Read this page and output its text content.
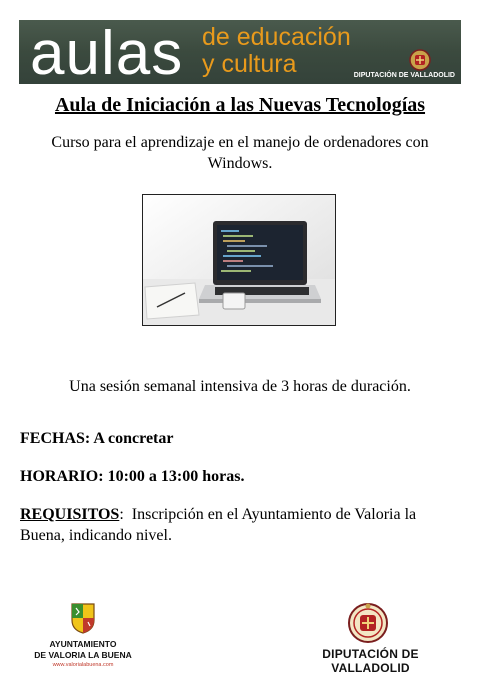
aulas de educación
y cultura	DIPUTACIÓN DE VALLADOLID
Aula de Iniciación a las Nuevas Tecnologías
Curso para el aprendizaje en el manejo de ordenadores con Windows.
Una sesión semanal intensiva de 3 horas de duración.
FECHAS: A concretar
HORARIO: 10:00 a 13:00 horas.
REQUISITOS: Inscripción en el Ayuntamiento de Valoria la Buena, indicando nivel.
AYUNTAMIENTO
DE VALORIA LA BUENA
www.valorialabuena.com
DIPUTACIÓN DE VALLADOLID
